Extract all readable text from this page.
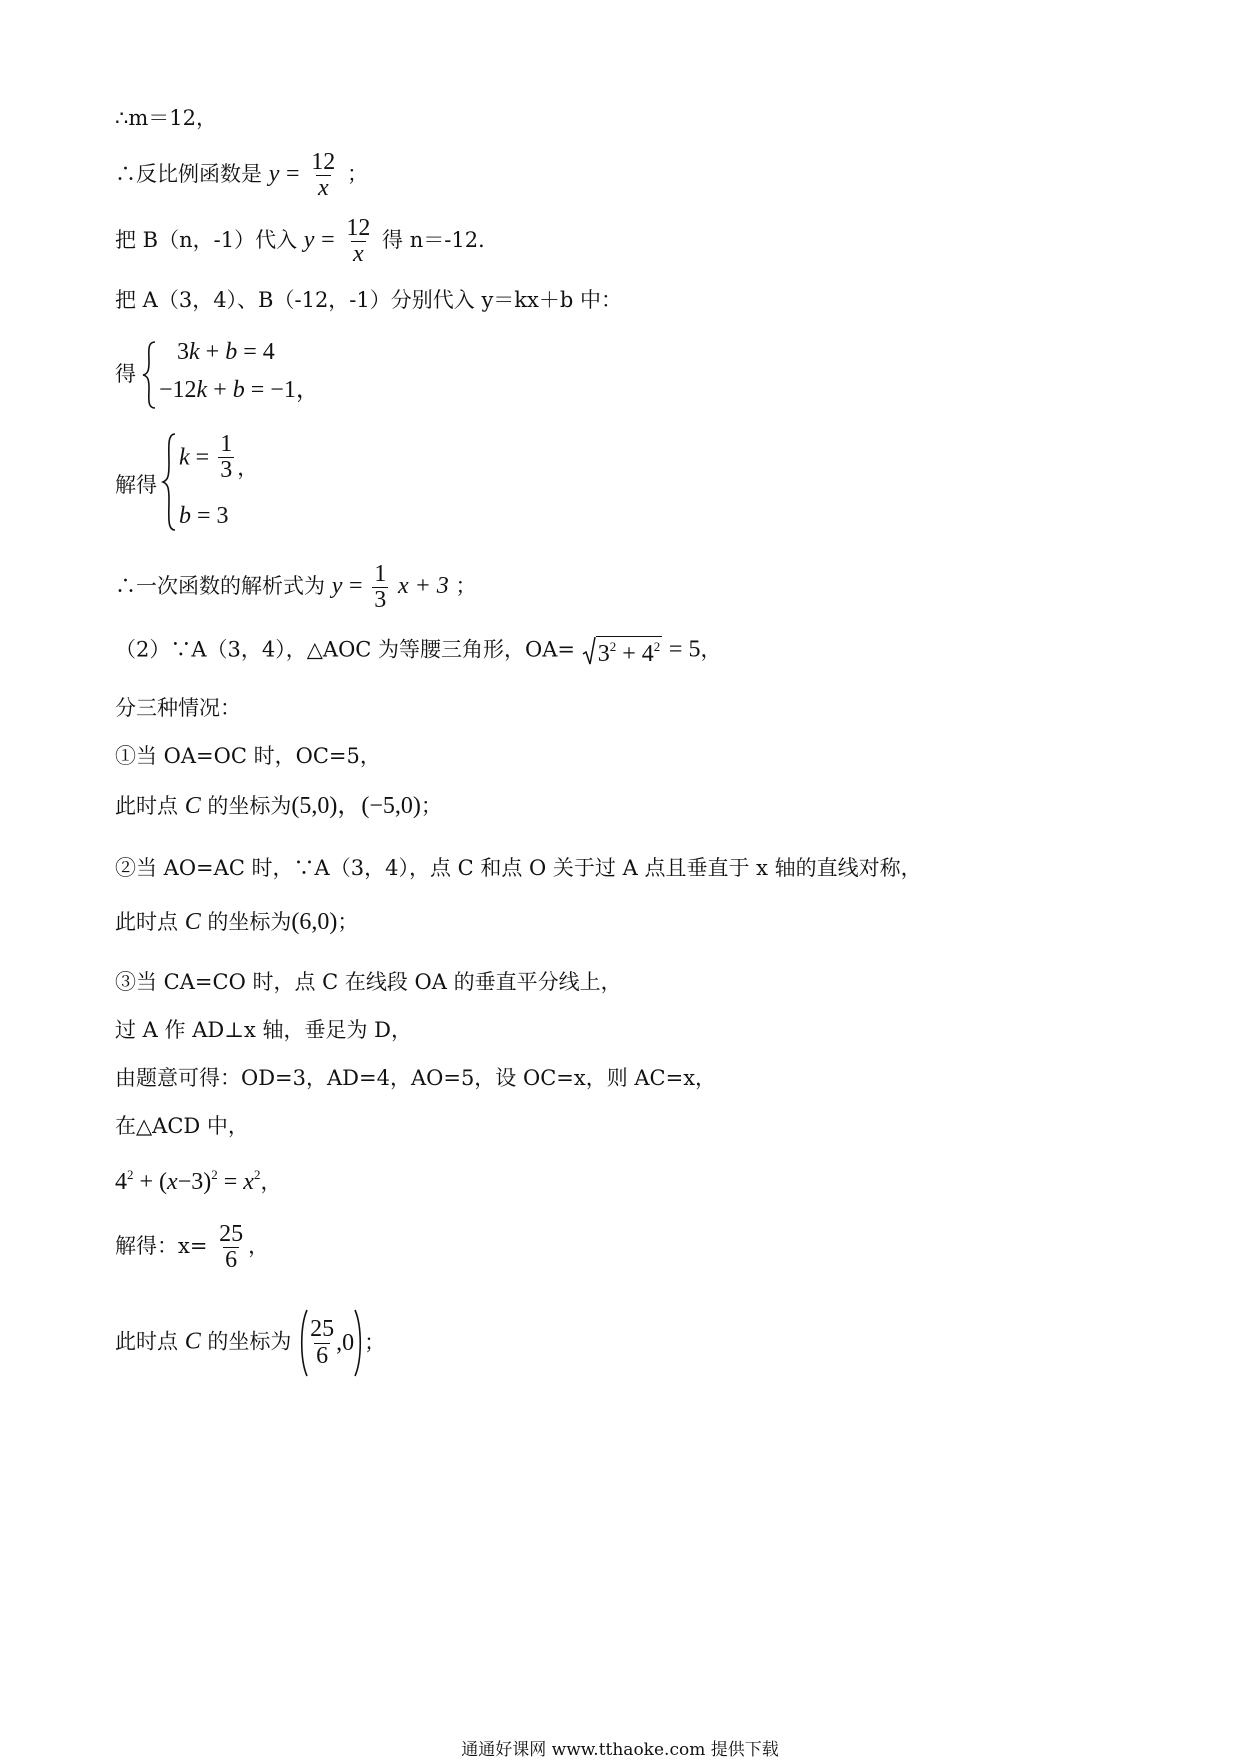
∴m＝12，
∴反比例函数是 $y = \frac{12}{x}$ ；
把 B（n，-1）代入 $y = \frac{12}{x}$ 得 n＝-12．
把 A（3，4）、B（-12，-1）分别代入 y＝kx＋b 中：
得
3k + b = 4
−12k + b = −1，
解得
$k = \frac{1}{3}$ ，
b = 3
∴一次函数的解析式为 $y = \frac{1}{3}$ x + 3 ；
（2）∵A（3，4），△AOC 为等腰三角形，$OA= 3^2 + 4^2 = 5$，
分三种情况：
①当 OA=OC 时，OC=5，
此时点 C 的坐标为(5,0)，(−5,0)；
②当 AO=AC 时，∵A（3，4），点 C 和点 O 关于过 A 点且垂直于 x 轴的直线对称，
此时点 C 的坐标为(6,0)；
③当 CA=CO 时，点 C 在线段 OA 的垂直平分线上，
过 A 作 AD⊥x 轴，垂足为 D，
由题意可得：OD=3，AD=4，AO=5，设 OC=x，则 AC=x，
在△ACD 中，
$4^2 + (x-3)^2 = x^2$，
解得：$x= \frac{25}{6}$ ，
此时点 C 的坐标为 $\frac{25}{6} ,0$ ；
通通好课网 www.tthaoke.com 提供下载
